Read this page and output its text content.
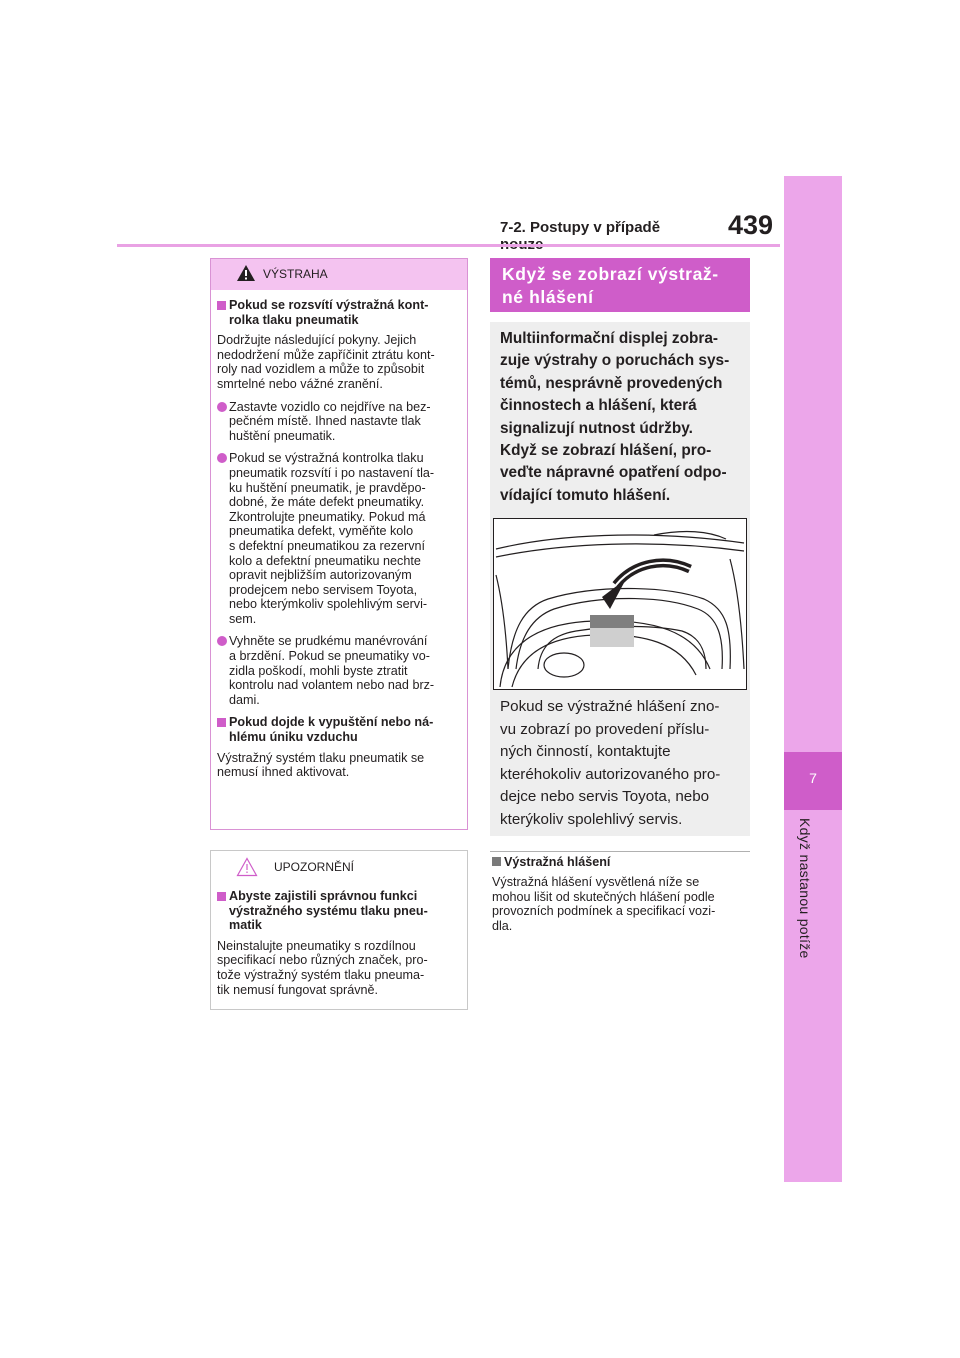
7-2. Postupy v případě	439
7
Když nastanou potíže
VÝSTRAHA
Pokud se rozsvítí výstražná kont-
rolka tlaku pneumatik
Dodržujte následující pokyny. Jejich
nedodržení může zapříčinit ztrátu kont-
roly nad vozidlem a může to způsobit
smrtelné nebo vážné zranění.
Zastavte vozidlo co nejdříve na bez-
pečném místě. Ihned nastavte tlak
huštění pneumatik.
Pokud se výstražná kontrolka tlaku
pneumatik rozsvítí i po nastavení tla-
ku huštění pneumatik, je pravděpo-
dobné, že máte defekt pneumatiky.
Zkontrolujte pneumatiky. Pokud má
pneumatika defekt, vyměňte kolo
s defektní pneumatikou za rezervní
kolo a defektní pneumatiku nechte
opravit nejbližším autorizovaným
prodejcem nebo servisem Toyota,
nebo kterýmkoliv spolehlivým servi-
sem.
Vyhněte se prudkému manévrování
a brzdění. Pokud se pneumatiky vo-
zidla poškodí, mohli byste ztratit
kontrolu nad volantem nebo nad brz-
dami.
Pokud dojde k vypuštění nebo ná-
hlému úniku vzduchu
Výstražný systém tlaku pneumatik se
nemusí ihned aktivovat.
UPOZORNĚNÍ
Abyste zajistili správnou funkci
výstražného systému tlaku pneu-
matik
Neinstalujte pneumatiky s rozdílnou
specifikací nebo různých značek, pro-
tože výstražný systém tlaku pneuma-
tik nemusí fungovat správně.
Když se zobrazí výstraž-
né hlášení
Multiinformační displej zobra-
zuje výstrahy o poruchách sys-
témů, nesprávně provedených
činnostech a hlášení, která
signalizují nutnost údržby.
Když se zobrazí hlášení, pro-
veďte nápravné opatření odpo-
vídající tomuto hlášení.
Pokud se výstražné hlášení zno-
vu zobrazí po provedení příslu-
ných činností, kontaktujte
kteréhokoliv autorizovaného pro-
dejce nebo servis Toyota, nebo
kterýkoliv spolehlivý servis.
Výstražná hlášení
Výstražná hlášení vysvětlená níže se
mohou lišit od skutečných hlášení podle
provozních podmínek a specifikací vozi-
dla.
